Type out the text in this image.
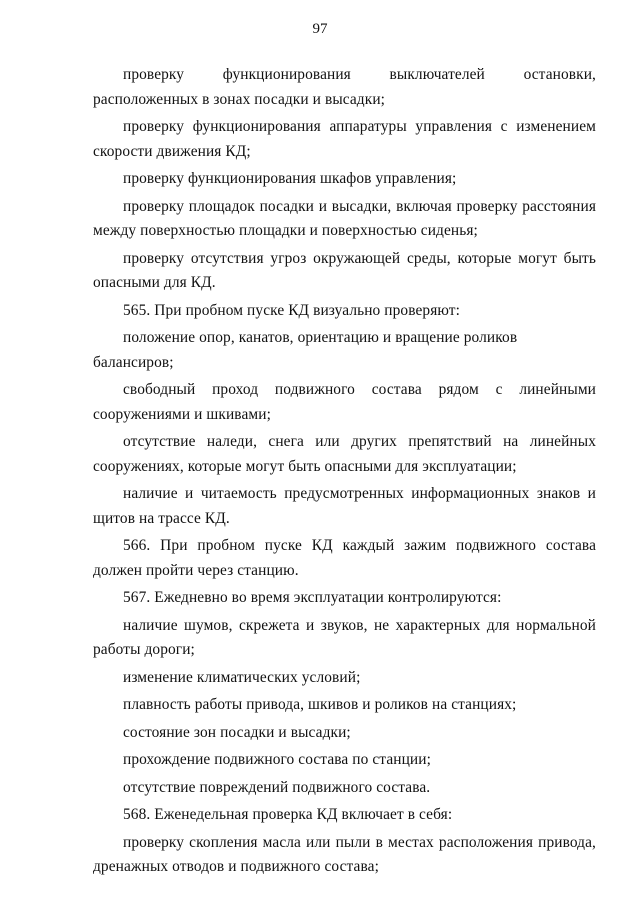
97

проверку функционирования выключателей остановки, расположенных в зонах посадки и высадки;

проверку функционирования аппаратуры управления с изменением скорости движения КД;

проверку функционирования шкафов управления;

проверку площадок посадки и высадки, включая проверку расстояния между поверхностью площадки и поверхностью сиденья;

проверку отсутствия угроз окружающей среды, которые могут быть опасными для КД.

565. При пробном пуске КД визуально проверяют:

положение опор, канатов, ориентацию и вращение роликов балансиров;

свободный проход подвижного состава рядом с линейными сооружениями и шкивами;

отсутствие наледи, снега или других препятствий на линейных сооружениях, которые могут быть опасными для эксплуатации;

наличие и читаемость предусмотренных информационных знаков и щитов на трассе КД.

566. При пробном пуске КД каждый зажим подвижного состава должен пройти через станцию.

567. Ежедневно во время эксплуатации контролируются:

наличие шумов, скрежета и звуков, не характерных для нормальной работы дороги;

изменение климатических условий;

плавность работы привода, шкивов и роликов на станциях;

состояние зон посадки и высадки;

прохождение подвижного состава по станции;

отсутствие повреждений подвижного состава.

568. Еженедельная проверка КД включает в себя:

проверку скопления масла или пыли в местах расположения привода, дренажных отводов и подвижного состава;
